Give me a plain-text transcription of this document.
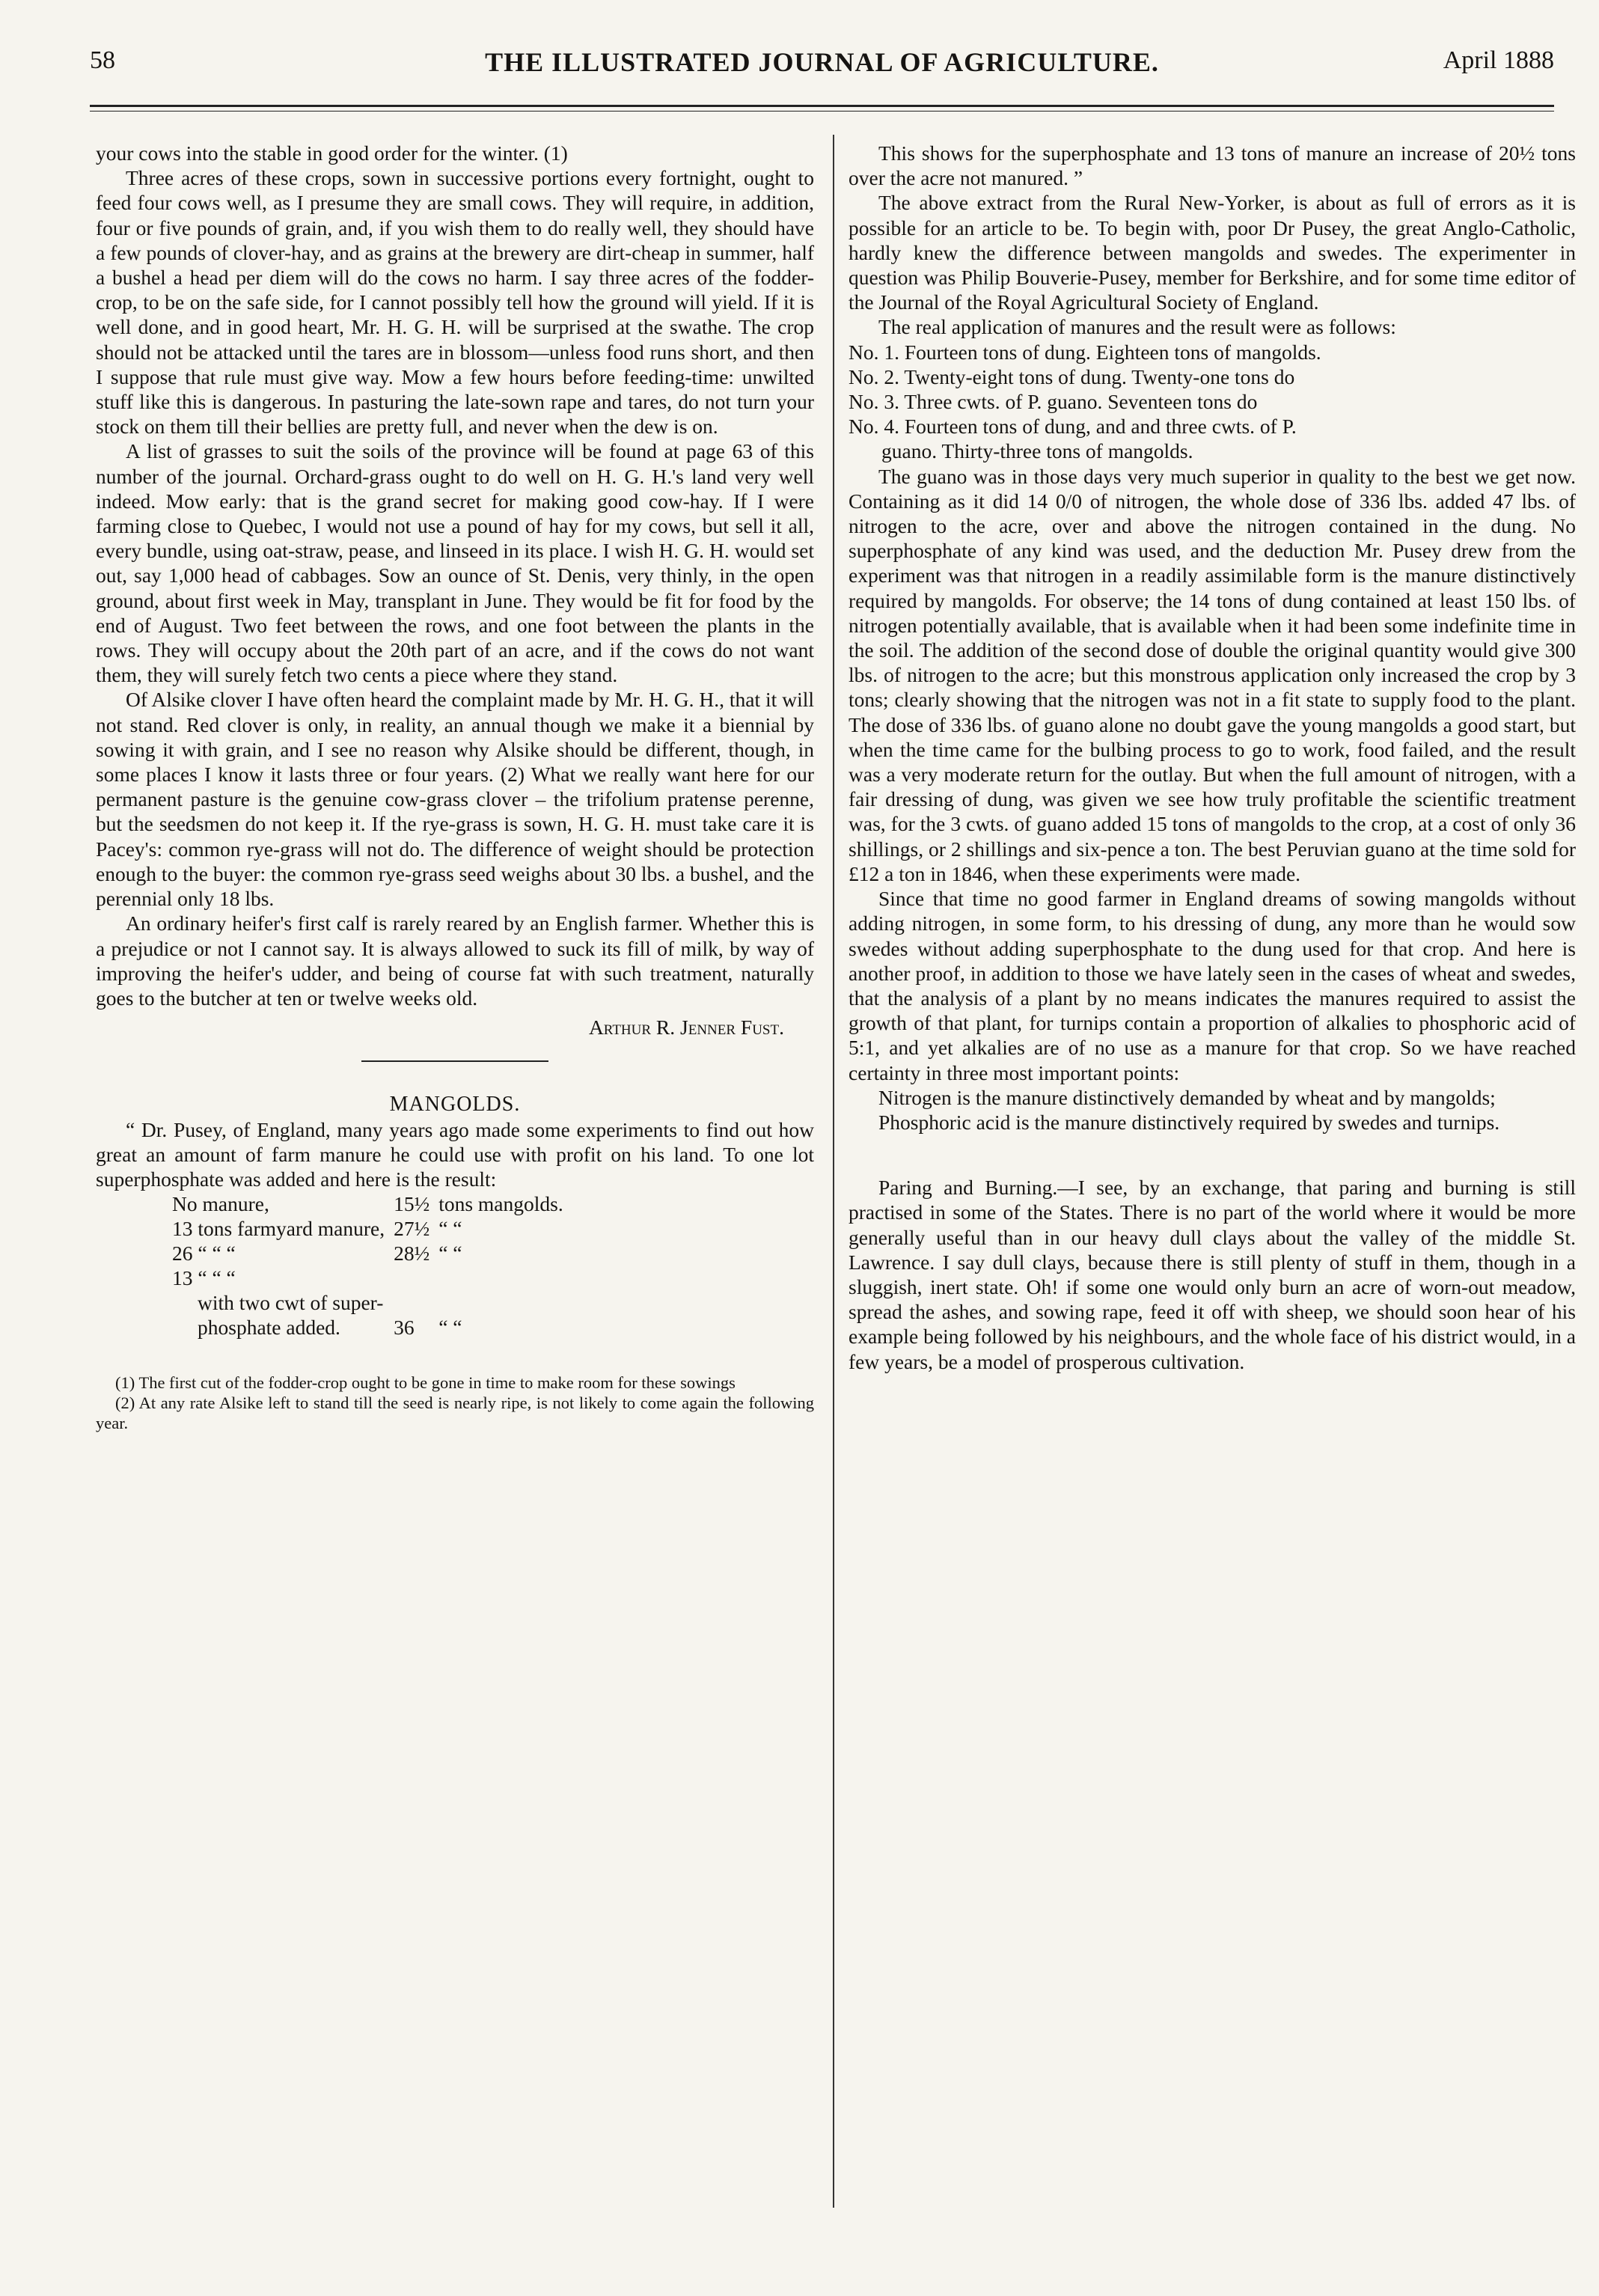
58	THE ILLUSTRATED JOURNAL OF AGRICULTURE.	April 1888

your cows into the stable in good order for the winter. (1)

Three acres of these crops, sown in successive portions every fortnight, ought to feed four cows well, as I presume they are small cows. They will require, in addition, four or five pounds of grain, and, if you wish them to do really well, they should have a few pounds of clover-hay, and as grains at the brewery are dirt-cheap in summer, half a bushel a head per diem will do the cows no harm. I say three acres of the fodder-crop, to be on the safe side, for I cannot possibly tell how the ground will yield. If it is well done, and in good heart, Mr. H. G. H. will be surprised at the swathe. The crop should not be attacked until the tares are in blossom—unless food runs short, and then I suppose that rule must give way. Mow a few hours before feeding-time: unwilted stuff like this is dangerous. In pasturing the late-sown rape and tares, do not turn your stock on them till their bellies are pretty full, and never when the dew is on.

A list of grasses to suit the soils of the province will be found at page 63 of this number of the journal. Orchard-grass ought to do well on H. G. H.'s land very well indeed. Mow early: that is the grand secret for making good cow-hay. If I were farming close to Quebec, I would not use a pound of hay for my cows, but sell it all, every bundle, using oat-straw, pease, and linseed in its place. I wish H. G. H. would set out, say 1,000 head of cabbages. Sow an ounce of St. Denis, very thinly, in the open ground, about first week in May, transplant in June. They would be fit for food by the end of August. Two feet between the rows, and one foot between the plants in the rows. They will occupy about the 20th part of an acre, and if the cows do not want them, they will surely fetch two cents a piece where they stand.

Of Alsike clover I have often heard the complaint made by Mr. H. G. H., that it will not stand. Red clover is only, in reality, an annual though we make it a biennial by sowing it with grain, and I see no reason why Alsike should be different, though, in some places I know it lasts three or four years. (2) What we really want here for our permanent pasture is the genuine cow-grass clover – the trifolium pratense perenne, but the seedsmen do not keep it. If the rye-grass is sown, H. G. H. must take care it is Pacey's: common rye-grass will not do. The difference of weight should be protection enough to the buyer: the common rye-grass seed weighs about 30 lbs. a bushel, and the perennial only 18 lbs.

An ordinary heifer's first calf is rarely reared by an English farmer. Whether this is a prejudice or not I cannot say. It is always allowed to suck its fill of milk, by way of improving the heifer's udder, and being of course fat with such treatment, naturally goes to the butcher at ten or twelve weeks old.

Arthur R. Jenner Fust.

MANGOLDS.

“ Dr. Pusey, of England, many years ago made some experiments to find out how great an amount of farm manure he could use with profit on his land. To one lot superphosphate was added and here is the result:

No manure,	15½	tons mangolds.
13 tons farmyard manure,	27½	“ “
26 “ “ “	28½	“ “
13 “ “ “		
with two cwt of super-		
phosphate added.	36	“ “

(1) The first cut of the fodder-crop ought to be gone in time to make room for these sowings

(2) At any rate Alsike left to stand till the seed is nearly ripe, is not likely to come again the following year.

This shows for the superphosphate and 13 tons of manure an increase of 20½ tons over the acre not manured. ”

The above extract from the Rural New-Yorker, is about as full of errors as it is possible for an article to be. To begin with, poor Dr Pusey, the great Anglo-Catholic, hardly knew the difference between mangolds and swedes. The experimenter in question was Philip Bouverie-Pusey, member for Berkshire, and for some time editor of the Journal of the Royal Agricultural Society of England.

The real application of manures and the result were as follows:

No. 1. Fourteen tons of dung. Eighteen tons of mangolds.

No. 2. Twenty-eight tons of dung. Twenty-one tons do

No. 3. Three cwts. of P. guano. Seventeen tons do

No. 4. Fourteen tons of dung, and and three cwts. of P.

guano. Thirty-three tons of mangolds.

The guano was in those days very much superior in quality to the best we get now. Containing as it did 14 0/0 of nitrogen, the whole dose of 336 lbs. added 47 lbs. of nitrogen to the acre, over and above the nitrogen contained in the dung. No superphosphate of any kind was used, and the deduction Mr. Pusey drew from the experiment was that nitrogen in a readily assimilable form is the manure distinctively required by mangolds. For observe; the 14 tons of dung contained at least 150 lbs. of nitrogen potentially available, that is available when it had been some indefinite time in the soil. The addition of the second dose of double the original quantity would give 300 lbs. of nitrogen to the acre; but this monstrous application only increased the crop by 3 tons; clearly showing that the nitrogen was not in a fit state to supply food to the plant. The dose of 336 lbs. of guano alone no doubt gave the young mangolds a good start, but when the time came for the bulbing process to go to work, food failed, and the result was a very moderate return for the outlay. But when the full amount of nitrogen, with a fair dressing of dung, was given we see how truly profitable the scientific treatment was, for the 3 cwts. of guano added 15 tons of mangolds to the crop, at a cost of only 36 shillings, or 2 shillings and six-pence a ton. The best Peruvian guano at the time sold for £12 a ton in 1846, when these experiments were made.

Since that time no good farmer in England dreams of sowing mangolds without adding nitrogen, in some form, to his dressing of dung, any more than he would sow swedes without adding superphosphate to the dung used for that crop. And here is another proof, in addition to those we have lately seen in the cases of wheat and swedes, that the analysis of a plant by no means indicates the manures required to assist the growth of that plant, for turnips contain a proportion of alkalies to phosphoric acid of 5:1, and yet alkalies are of no use as a manure for that crop. So we have reached certainty in three most important points:

Nitrogen is the manure distinctively demanded by wheat and by mangolds;

Phosphoric acid is the manure distinctively required by swedes and turnips.

Paring and Burning.—I see, by an exchange, that paring and burning is still practised in some of the States. There is no part of the world where it would be more generally useful than in our heavy dull clays about the valley of the middle St. Lawrence. I say dull clays, because there is still plenty of stuff in them, though in a sluggish, inert state. Oh! if some one would only burn an acre of worn-out meadow, spread the ashes, and sowing rape, feed it off with sheep, we should soon hear of his example being followed by his neighbours, and the whole face of his district would, in a few years, be a model of prosperous cultivation.
